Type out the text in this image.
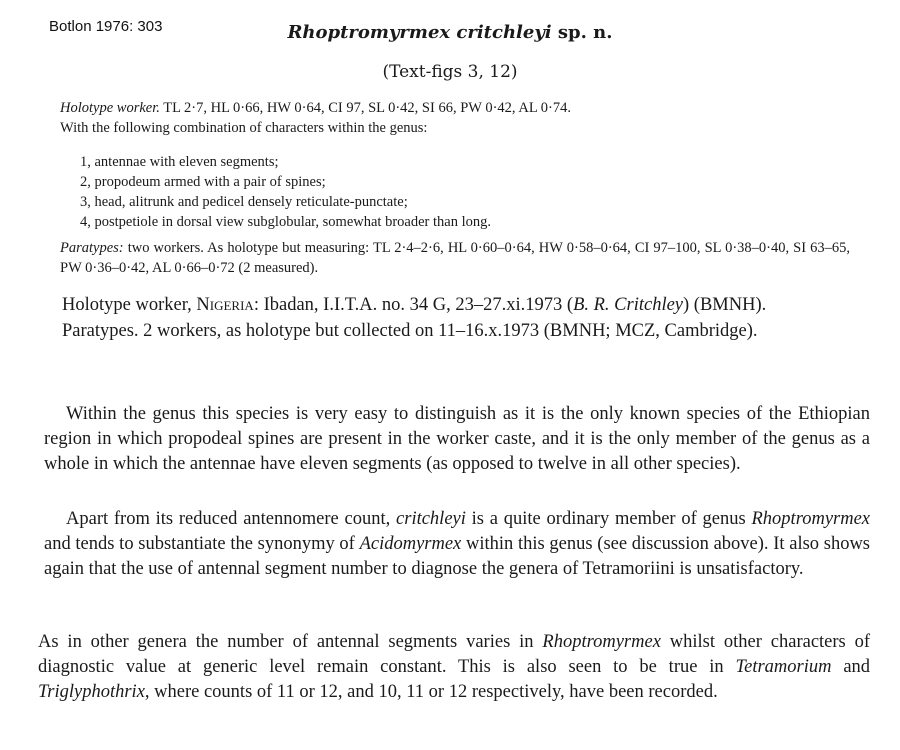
Botlon 1976: 303	Rhoptromyrmex critchleyi sp. n.
(Text-figs 3, 12)
Holotype worker. TL 2·7, HL 0·66, HW 0·64, CI 97, SL 0·42, SI 66, PW 0·42, AL 0·74.
With the following combination of characters within the genus:
1, antennae with eleven segments;
2, propodeum armed with a pair of spines;
3, head, alitrunk and pedicel densely reticulate-punctate;
4, postpetiole in dorsal view subglobular, somewhat broader than long.
Paratypes: two workers. As holotype but measuring: TL 2·4–2·6, HL 0·60–0·64, HW 0·58–0·64, CI 97–100, SL 0·38–0·40, SI 63–65, PW 0·36–0·42, AL 0·66–0·72 (2 measured).
Holotype worker, Nigeria: Ibadan, I.I.T.A. no. 34 G, 23–27.xi.1973 (B. R. Critchley) (BMNH).
Paratypes. 2 workers, as holotype but collected on 11–16.x.1973 (BMNH; MCZ, Cambridge).
Within the genus this species is very easy to distinguish as it is the only known species of the Ethiopian region in which propodeal spines are present in the worker caste, and it is the only member of the genus as a whole in which the antennae have eleven segments (as opposed to twelve in all other species).
Apart from its reduced antennomere count, critchleyi is a quite ordinary member of genus Rhoptromyrmex and tends to substantiate the synonymy of Acidomyrmex within this genus (see discussion above). It also shows again that the use of antennal segment number to diagnose the genera of Tetramoriini is unsatisfactory.
As in other genera the number of antennal segments varies in Rhoptromyrmex whilst other characters of diagnostic value at generic level remain constant. This is also seen to be true in Tetramorium and Triglyphothrix, where counts of 11 or 12, and 10, 11 or 12 respectively, have been recorded.
